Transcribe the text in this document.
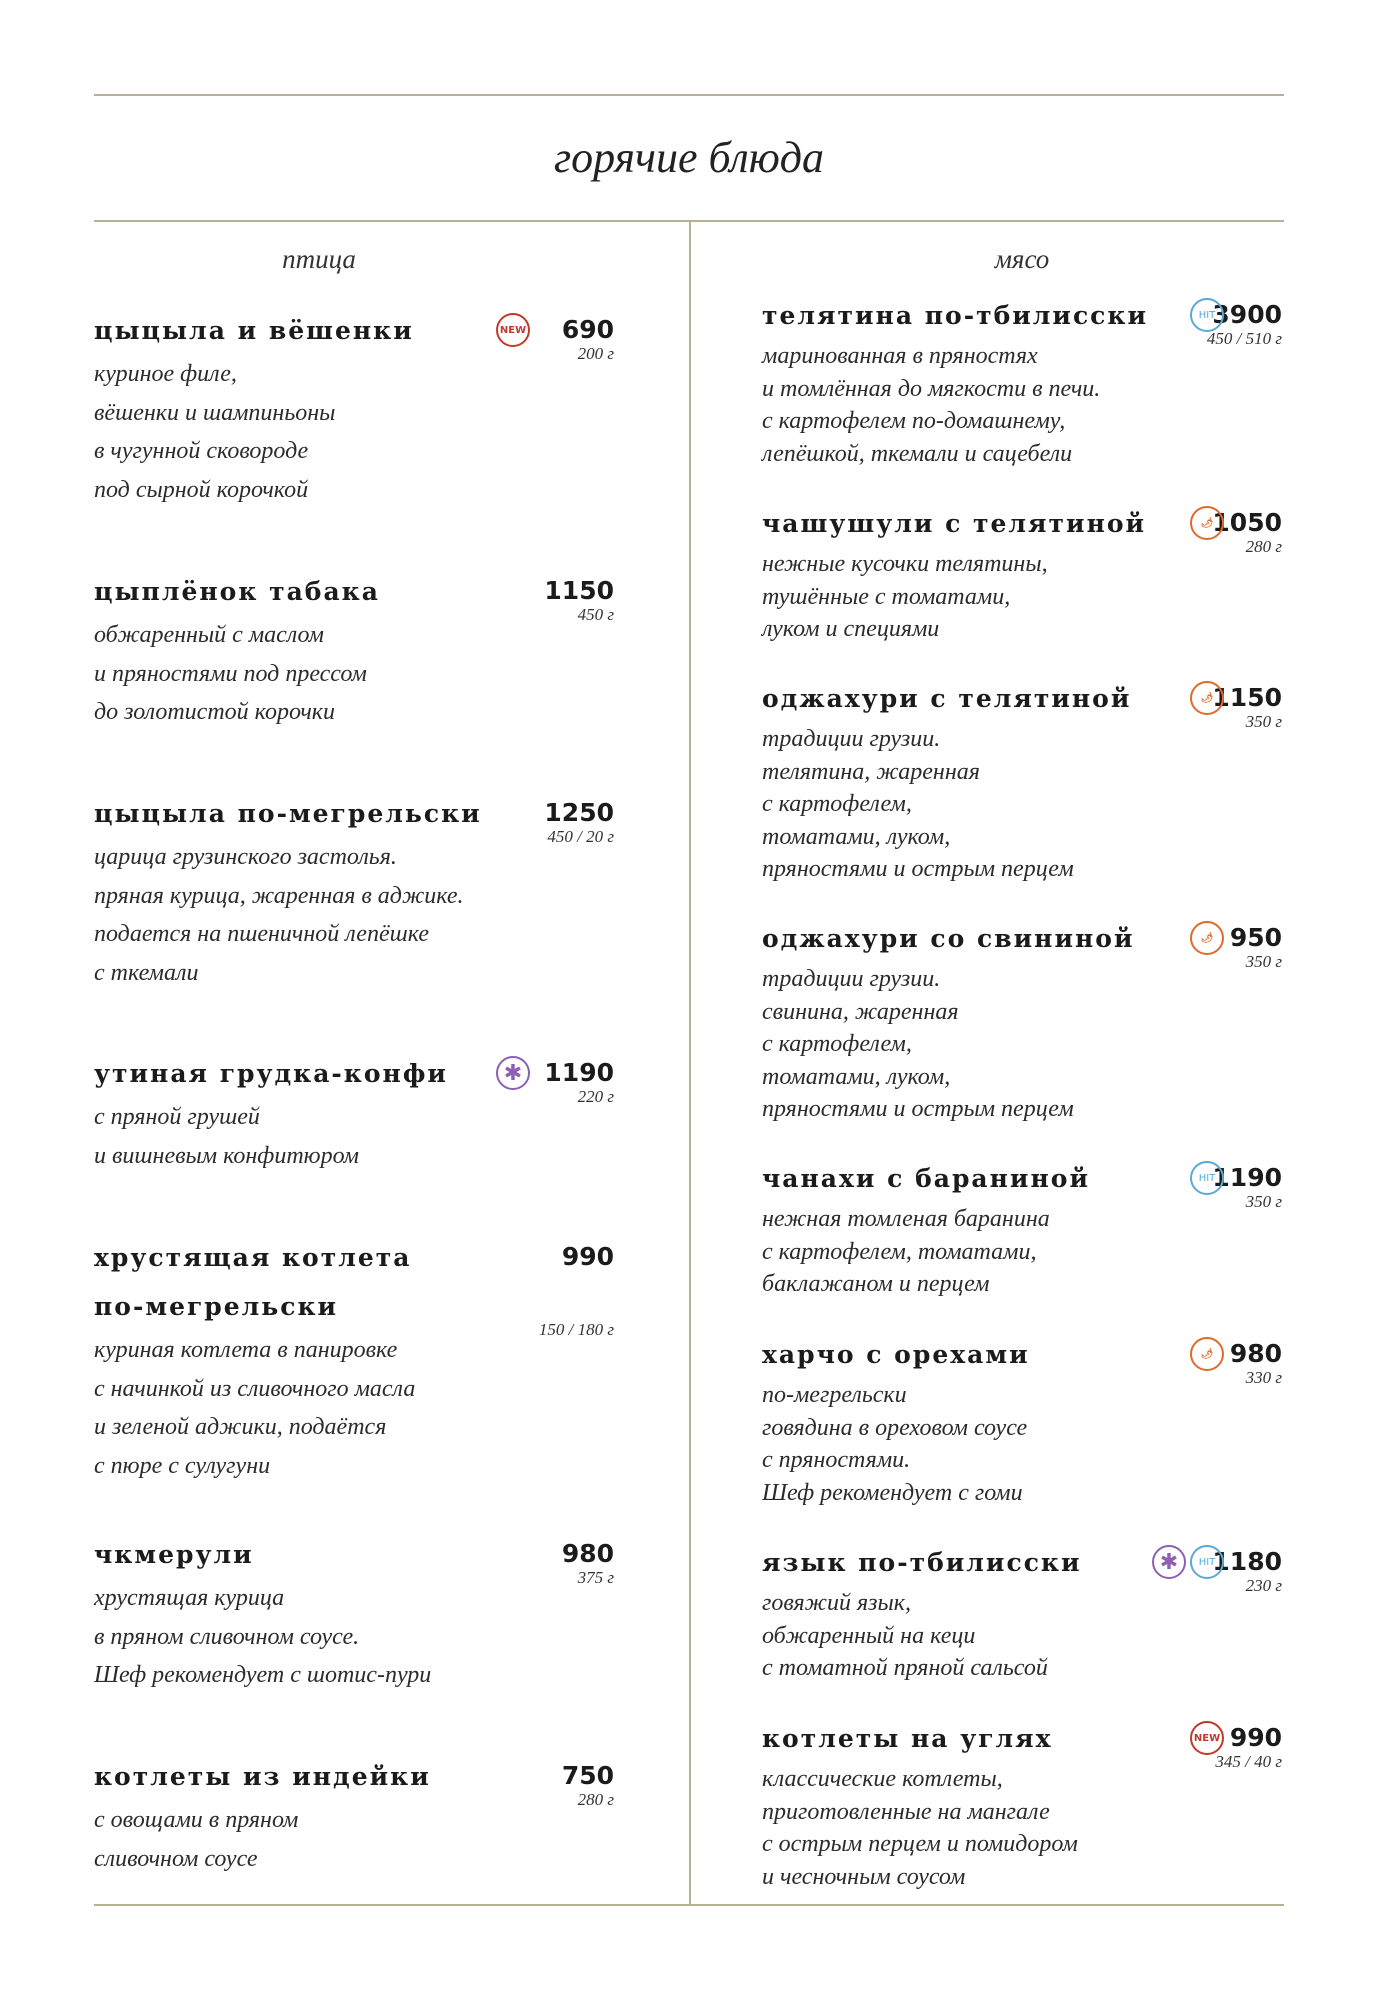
горячие блюда
птица	мясо
цыцыла и вёшенки	690
200 г
NEW
куриное филе,
вёшенки и шампиньоны
в чугунной сковороде
под сырной корочкой
цыплёнок табака	1150
450 г
обжаренный с маслом
и пряностями под прессом
до золотистой корочки
цыцыла по-мегрельски	1250
450 / 20 г
царица грузинского застолья.
пряная курица, жаренная в аджике.
подается на пшеничной лепёшке
с ткемали
утиная грудка-конфи	1190
220 г
✱
с пряной грушей
и вишневым конфитюром
хрустящая котлета
по-мегрельски
990
150 / 180 г
куриная котлета в панировке
с начинкой из сливочного масла
и зеленой аджики, подаётся
с пюре с сулугуни
чкмерули	980
375 г
хрустящая курица
в пряном сливочном соусе.
Шеф рекомендует с шотис-пури
котлеты из индейки	750
280 г
с овощами в пряном
сливочном соусе
телятина по-тбилисски	3900
450 / 510 г
HIT
маринованная в пряностях
и томлённая до мягкости в печи.
с картофелем по-домашнему,
лепёшкой, ткемали и сацебели
чашушули с телятиной	1050
280 г
🌶
нежные кусочки телятины,
тушённые с томатами,
луком и специями
оджахури с телятиной	1150
350 г
🌶
традиции грузии.
телятина, жаренная
с картофелем,
томатами, луком,
пряностями и острым перцем
оджахури со свининой	950
350 г
🌶
традиции грузии.
свинина, жаренная
с картофелем,
томатами, луком,
пряностями и острым перцем
чанахи с бараниной	1190
350 г
HIT
нежная томленая баранина
с картофелем, томатами,
баклажаном и перцем
харчо с орехами	980
330 г
🌶
по-мегрельски
говядина в ореховом соусе
с пряностями.
Шеф рекомендует с гоми
язык по-тбилисски	1180
230 г
✱	HIT
говяжий язык,
обжаренный на кеци
с томатной пряной сальсой
котлеты на углях	990
345 / 40 г
NEW
классические котлеты,
приготовленные на мангале
с острым перцем и помидором
и чесночным соусом
